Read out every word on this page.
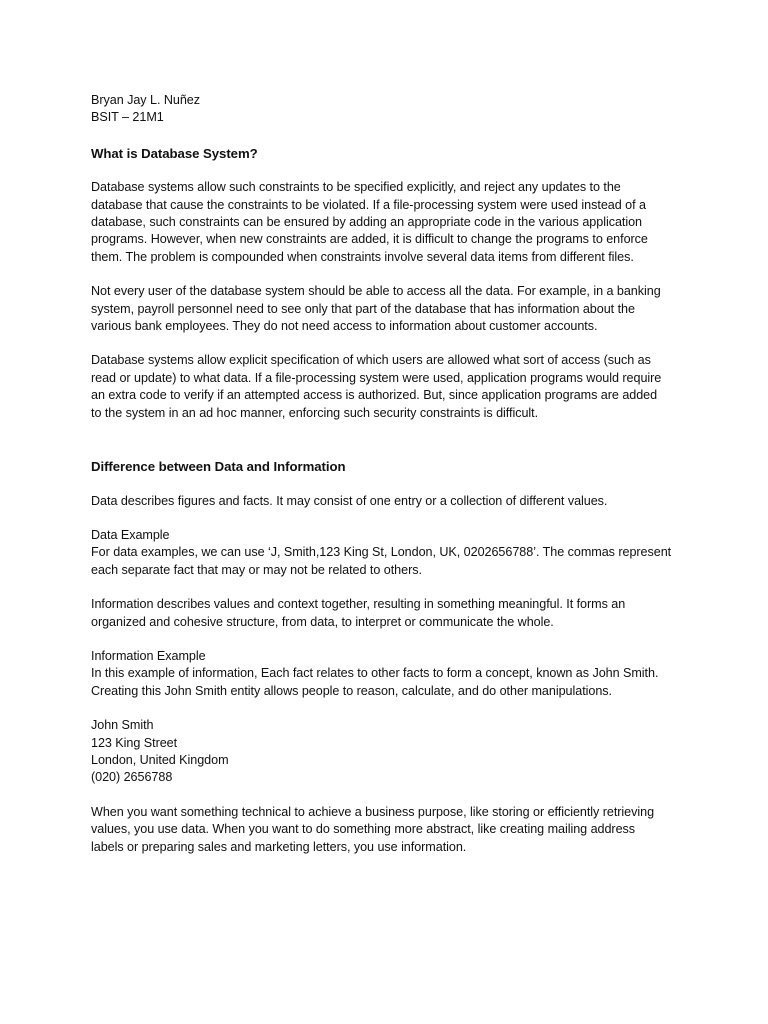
Bryan Jay L. Nuñez
BSIT – 21M1
What is Database System?
Database systems allow such constraints to be specified explicitly, and reject any updates to the
database that cause the constraints to be violated. If a file-processing system were used instead of a
database, such constraints can be ensured by adding an appropriate code in the various application
programs. However, when new constraints are added, it is difficult to change the programs to enforce
them. The problem is compounded when constraints involve several data items from different files.
Not every user of the database system should be able to access all the data. For example, in a banking
system, payroll personnel need to see only that part of the database that has information about the
various bank employees. They do not need access to information about customer accounts.
Database systems allow explicit specification of which users are allowed what sort of access (such as
read or update) to what data. If a file-processing system were used, application programs would require
an extra code to verify if an attempted access is authorized. But, since application programs are added
to the system in an ad hoc manner, enforcing such security constraints is difficult.
Difference between Data and Information
Data describes figures and facts. It may consist of one entry or a collection of different values.
Data Example
For data examples, we can use ‘J, Smith,123 King St, London, UK, 0202656788’. The commas represent
each separate fact that may or may not be related to others.
Information describes values and context together, resulting in something meaningful. It forms an
organized and cohesive structure, from data, to interpret or communicate the whole.
Information Example
In this example of information, Each fact relates to other facts to form a concept, known as John Smith.
Creating this John Smith entity allows people to reason, calculate, and do other manipulations.
John Smith
123 King Street
London, United Kingdom
(020) 2656788
When you want something technical to achieve a business purpose, like storing or efficiently retrieving
values, you use data. When you want to do something more abstract, like creating mailing address
labels or preparing sales and marketing letters, you use information.
